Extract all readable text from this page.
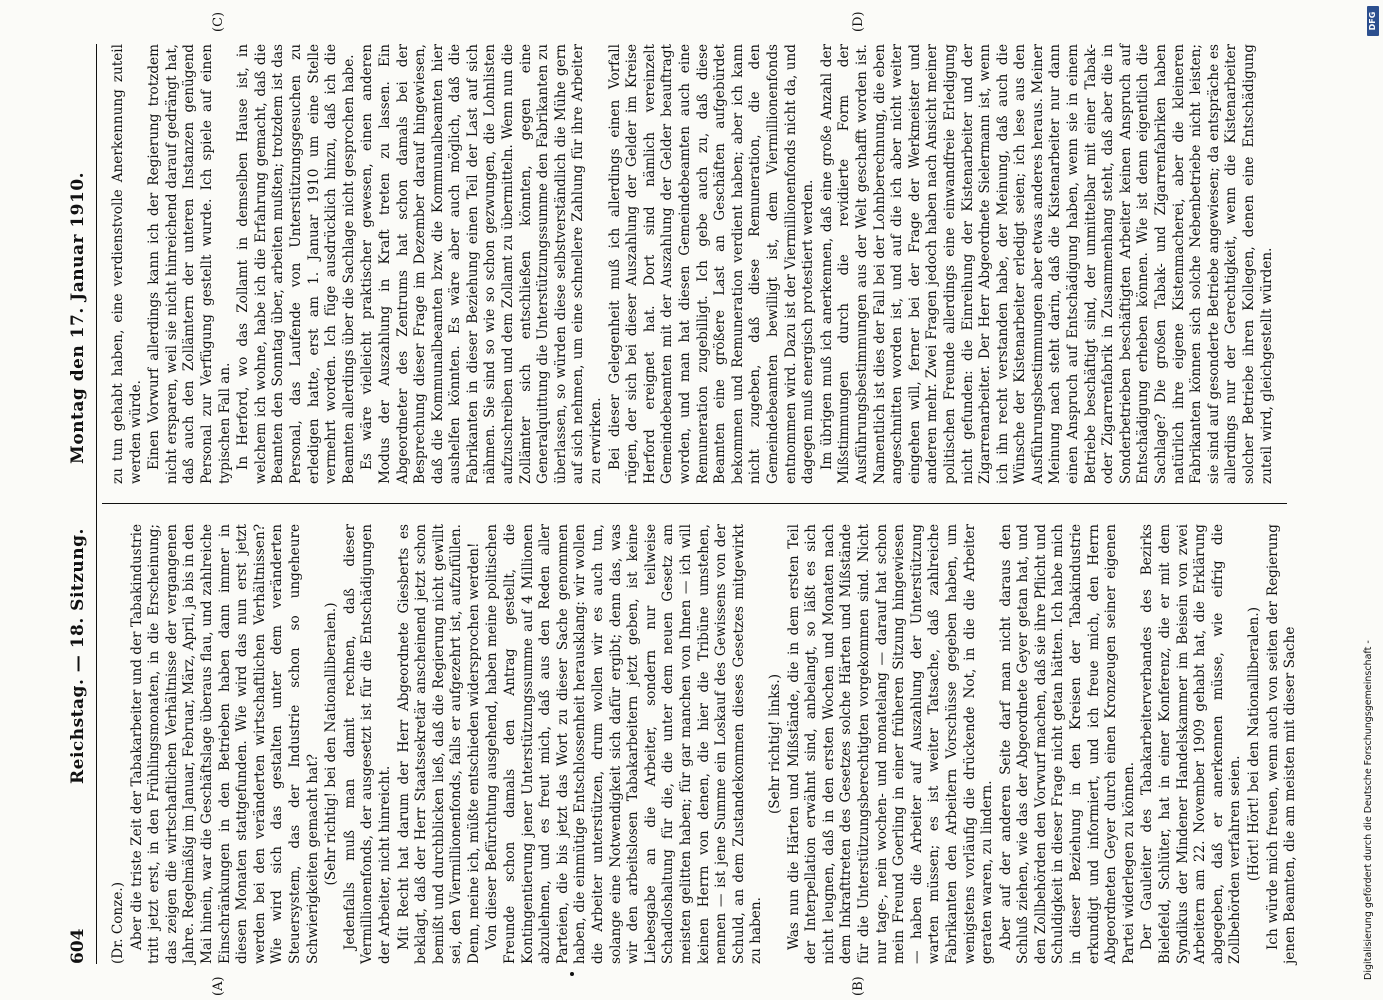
604
Reichstag. — 18. Sitzung.
Montag den 17. Januar 1910.
(A)	(B)
(C)	(D)

(Dr. Conze.) Aber die triste Zeit der Tabakarbeiter und der Tabakindustrie tritt jetzt erst, in den Frühlingsmonaten, in die Erscheinung; das zeigen die wirtschaftlichen Verhältnisse der vergangenen Jahre. Regelmäßig im Januar, Februar, März, April, ja bis in den Mai hinein, war die Geschäftslage überaus flau, und zahlreiche Einschränkungen in den Betrieben haben dann immer in diesen Monaten stattgefunden. Wie wird das nun erst jetzt werden bei den veränderten wirtschaftlichen Verhältnissen? Wie wird sich das gestalten unter dem veränderten Steuersystem, das der Industrie schon so ungeheure Schwierigkeiten gemacht hat? (Sehr richtig! bei den Nationalliberalen.) Jedenfalls muß man damit rechnen, daß dieser Vermillionenfonds, der ausgesetzt ist für die Entschädigungen der Arbeiter, nicht hinreicht. Mit Recht hat darum der Herr Abgeordnete Giesberts es beklagt, daß der Herr Staatssekretär anscheinend jetzt schon bemißt und durchblicken ließ, daß die Regierung nicht gewillt sei, den Viermillionenfonds, falls er aufgezehrt ist, aufzufüllen. Denn, meine ich, müßte entschieden widersprochen werden! Von dieser Befürchtung ausgehend, haben meine politischen Freunde schon damals den Antrag gestellt, die Kontingentierung jener Unterstützungssumme auf 4 Millionen abzulehnen, und es freut mich, daß aus den Reden aller Parteien, die bis jetzt das Wort zu dieser Sache genommen haben, die einmütige Entschlossenheit herausklang: wir wollen die Arbeiter unterstützen, drum wollen wir es auch tun, solange eine Notwendigkeit sich dafür ergibt; denn das, was wir den arbeitslosen Tabakarbeitern jetzt geben, ist keine Liebesgabe an die Arbeiter, sondern nur teilweise Schadloshaltung für die, die unter dem neuen Gesetz am meisten gelitten haben; für gar manchen von Ihnen — ich will keinen Herrn von denen, die hier die Tribüne umstehen, nennen — ist jene Summe ein Loskauf des Gewissens von der Schuld, an dem Zustandekommen dieses Gesetzes mitgewirkt zu haben.

(Sehr richtig! links.) Was nun die Härten und Mißstände, die in dem ersten Teil der Interpellation erwähnt sind, anbelangt, so läßt es sich nicht leugnen, daß in den ersten Wochen und Monaten nach dem Inkrafttreten des Gesetzes solche Härten und Mißstände für die Unterstützungsberechtigten vorgekommen sind. Nicht nur tage-, nein wochen- und monatelang — darauf hat schon mein Freund Goerling in einer früheren Sitzung hingewiesen — haben die Arbeiter auf Auszahlung der Unterstützung warten müssen; es ist weiter Tatsache, daß zahlreiche Fabrikanten den Arbeitern Vorschüsse gegeben haben, um wenigstens vorläufig die drückende Not, in die die Arbeiter geraten waren, zu lindern. Aber auf der anderen Seite darf man nicht daraus den Schluß ziehen, wie das der Abgeordnete Geyer getan hat, und den Zollbehörden den Vorwurf machen, daß sie ihre Pflicht und Schuldigkeit in dieser Frage nicht getan hätten. Ich habe mich in dieser Beziehung in den Kreisen der Tabakindustrie erkundigt und informiert, und ich freue mich, den Herrn Abgeordneten Geyer durch einen Kronzeugen seiner eigenen Partei widerlegen zu können. Der Gauleiter des Tabakarbeiterverbandes des Bezirks Bielefeld, Schlüter, hat in einer Konferenz, die er mit dem Syndikus der Mindener Handelskammer im Beisein von zwei Arbeitern am 22. November 1909 gehabt hat, die Erklärung abgegeben, daß er anerkennen müsse, wie eifrig die Zollbehörden verfahren seien. (Hört! Hört! bei den Nationalliberalen.) Ich würde mich freuen, wenn auch von seiten der Regierung jenen Beamten, die am meisten mit dieser Sache

zu tun gehabt haben, eine verdienstvolle Anerkennung zuteil werden würde. Einen Vorwurf allerdings kann ich der Regierung trotzdem nicht ersparen, weil sie nicht hinreichend darauf gedrängt hat, daß auch den Zollämtern der unteren Instanzen genügend Personal zur Verfügung gestellt wurde. Ich spiele auf einen typischen Fall an. In Herford, wo das Zollamt in demselben Hause ist, in welchem ich wohne, habe ich die Erfahrung gemacht, daß die Beamten den Sonntag über, arbeiten mußten; trotzdem ist das Personal, das Laufende von Unterstützungsgesuchen zu erledigen hatte, erst am 1. Januar 1910 um eine Stelle vermehrt worden. Ich füge ausdrücklich hinzu, daß ich die Beamten allerdings über die Sachlage nicht gesprochen habe. Es wäre vielleicht praktischer gewesen, einen anderen Modus der Auszahlung in Kraft treten zu lassen. Ein Abgeordneter des Zentrums hat schon damals bei der Besprechung dieser Frage im Dezember darauf hingewiesen, daß die Kommunalbeamten bzw. die Kommunalbeamten hier aushelfen könnten. Es wäre aber auch möglich, daß die Fabrikanten in dieser Beziehung einen Teil der Last auf sich nähmen. Sie sind so wie so schon gezwungen, die Lohnlisten aufzuschreiben und dem Zollamt zu übermitteln. Wenn nun die Zollämter sich entschließen könnten, gegen eine Generalquittung die Unterstützungssumme den Fabrikanten zu überlassen, so würden diese selbstverständlich die Mühe gern auf sich nehmen, um eine schnellere Zahlung für ihre Arbeiter zu erwirken. Bei dieser Gelegenheit muß ich allerdings einen Vorfall rügen, der sich bei dieser Auszahlung der Gelder im Kreise Herford ereignet hat. Dort sind nämlich vereinzelt Gemeindebeamten mit der Auszahlung der Gelder beauftragt worden, und man hat diesen Gemeindebeamten auch eine Remuneration zugebilligt. Ich gebe auch zu, daß diese Beamten eine größere Last an Geschäften aufgebürdet bekommen und Remuneration verdient haben; aber ich kann nicht zugeben, daß diese Remuneration, die den Gemeindebeamten bewilligt ist, dem Viermillionenfonds entnommen wird. Dazu ist der Viermillionenfonds nicht da, und dagegen muß energisch protestiert werden. Im übrigen muß ich anerkennen, daß eine große Anzahl der Mißstimmungen durch die revidierte Form der Ausführungsbestimmungen aus der Welt geschafft worden ist. Namentlich ist dies der Fall bei der Lohnberechnung, die eben angeschnitten worden ist, und auf die ich aber nicht weiter eingehen will, ferner bei der Frage der Werkmeister und anderen mehr. Zwei Fragen jedoch haben nach Ansicht meiner politischen Freunde allerdings eine einwandfreie Erledigung nicht gefunden: die Einreihung der Kistenarbeiter und der Zigarrenarbeiter. Der Herr Abgeordnete Sielermann ist, wenn ich ihn recht verstanden habe, der Meinung, daß auch die Wünsche der Kistenarbeiter erledigt seien; ich lese aus den Ausführungsbestimmungen aber etwas anderes heraus. Meiner Meinung nach steht darin, daß die Kistenarbeiter nur dann einen Anspruch auf Entschädigung haben, wenn sie in einem Betriebe beschäftigt sind, der unmittelbar mit einer Tabak- oder Zigarrenfabrik in Zusammenhang steht, daß aber die in Sonderbetrieben beschäftigten Arbeiter keinen Anspruch auf Entschädigung erheben können. Wie ist denn eigentlich die Sachlage? Die großen Tabak- und Zigarrenfabriken haben natürlich ihre eigene Kistenmacherei, aber die kleineren Fabrikanten können sich solche Nebenbetriebe nicht leisten; sie sind auf gesonderte Betriebe angewiesen; da entspräche es allerdings nur der Gerechtigkeit, wenn die Kistenarbeiter solcher Betriebe ihren Kollegen, denen eine Entschädigung zuteil wird, gleichgestellt würden.

DFG
Digitalisierung gefördert durch die Deutsche Forschungsgemeinschaft -
